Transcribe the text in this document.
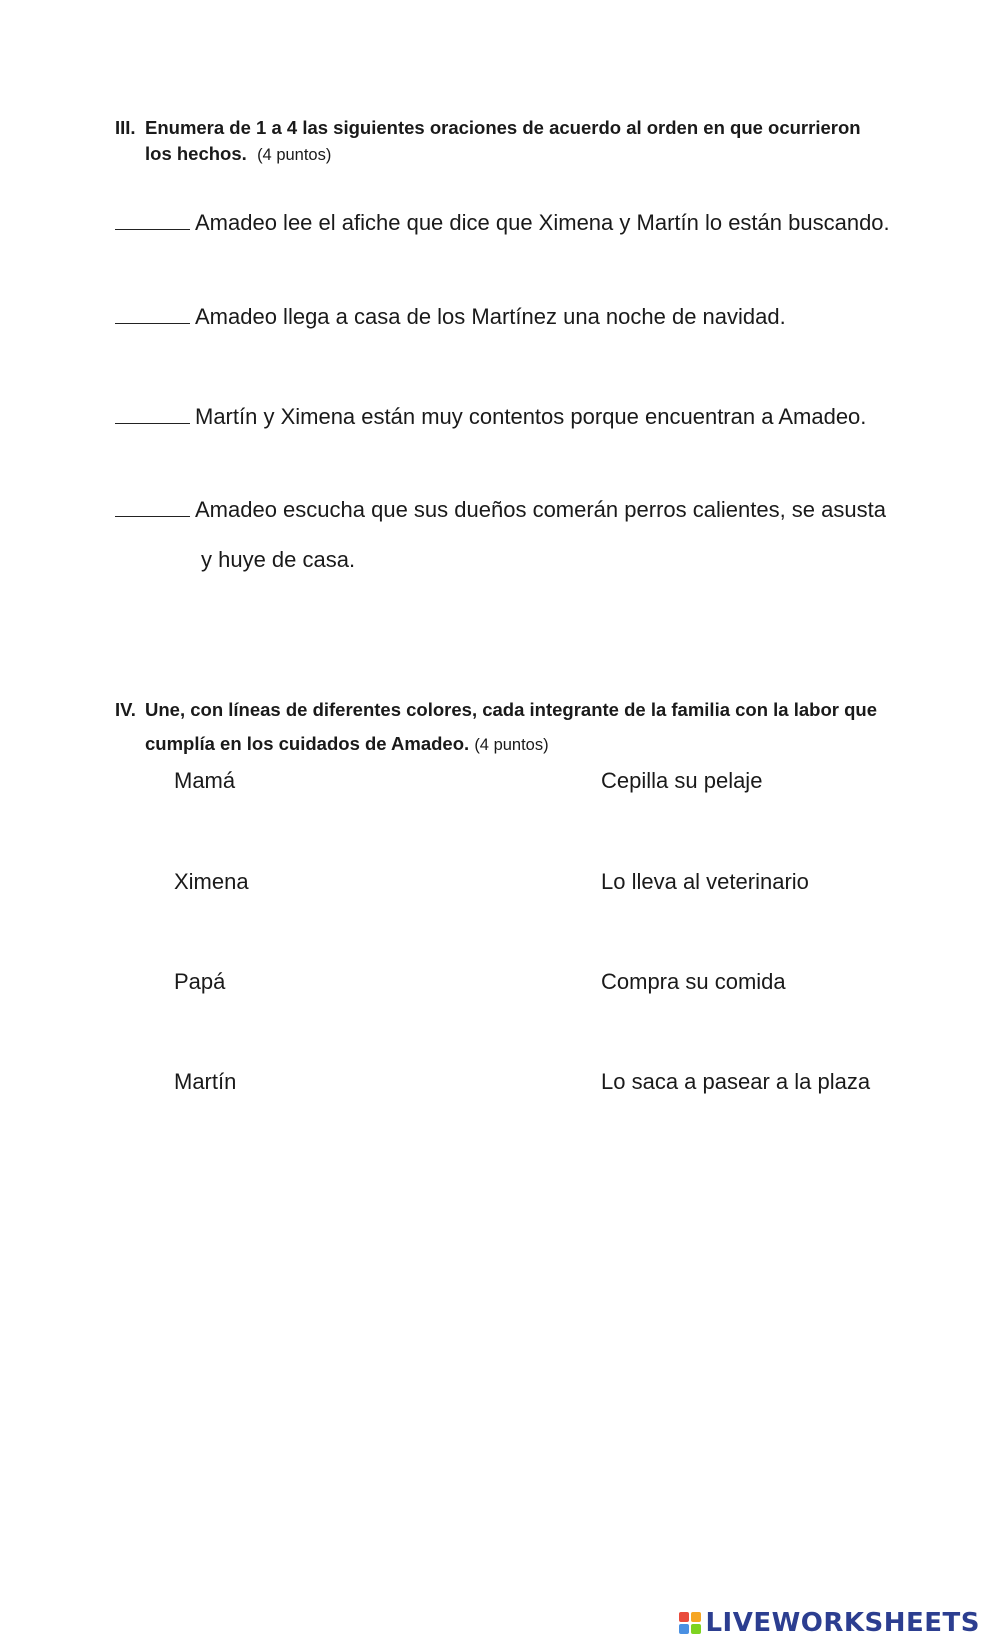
III. Enumera de 1 a 4 las siguientes oraciones de acuerdo al orden en que ocurrieron
los hechos. (4 puntos)
Amadeo lee el afiche que dice que Ximena y Martín lo están buscando.
Amadeo llega a casa de los Martínez una noche de navidad.
Martín y Ximena están muy contentos porque encuentran a Amadeo.
Amadeo escucha que sus dueños comerán perros calientes, se asusta
y huye de casa.
IV. Une, con líneas de diferentes colores, cada integrante de la familia con la labor que
cumplía en los cuidados de Amadeo. (4 puntos)
Mamá	Cepilla su pelaje
Ximena	Lo lleva al veterinario
Papá	Compra su comida
Martín	Lo saca a pasear a la plaza
LIVEWORKSHEETS
